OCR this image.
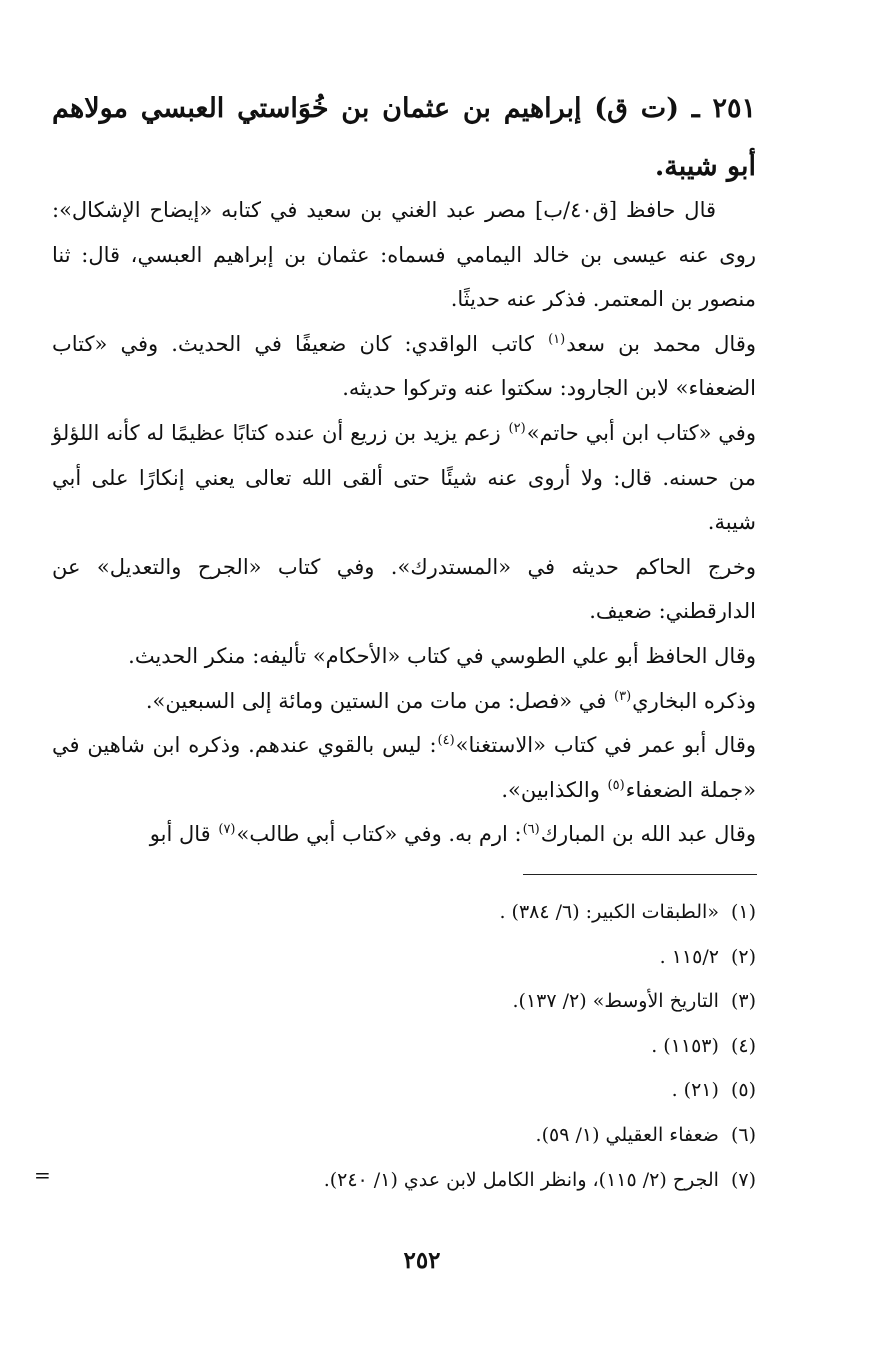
٢٥١ ـ (ت ق) إبراهيم بن عثمان بن خُوَاستي العبسي مولاهم أبو شيبة.

قال حافظ [ق٤٠/ب] مصر عبد الغني بن سعيد في كتابه «إيضاح الإشكال»: روى عنه عيسى بن خالد اليمامي فسماه: عثمان بن إبراهيم العبسي، قال: ثنا منصور بن المعتمر. فذكر عنه حديثًا.

وقال محمد بن سعد$^{(١)}$ كاتب الواقدي: كان ضعيفًا في الحديث. وفي «كتاب الضعفاء» لابن الجارود: سكتوا عنه وتركوا حديثه.

وفي «كتاب ابن أبي حاتم»$^{(٢)}$ زعم يزيد بن زريع أن عنده كتابًا عظيمًا له كأنه اللؤلؤ من حسنه. قال: ولا أروى عنه شيئًا حتى ألقى الله تعالى يعني إنكارًا على أبي شيبة.

وخرج الحاكم حديثه في «المستدرك». وفي كتاب «الجرح والتعديل» عن الدارقطني: ضعيف.

وقال الحافظ أبو علي الطوسي في كتاب «الأحكام» تأليفه: منكر الحديث.

وذكره البخاري$^{(٣)}$ في «فصل: من مات من الستين ومائة إلى السبعين».

وقال أبو عمر في كتاب «الاستغنا»$^{(٤)}$: ليس بالقوي عندهم. وذكره ابن شاهين في «جملة الضعفاء$^{(٥)}$ والكذابين».

وقال عبد الله بن المبارك$^{(٦)}$: ارم به. وفي «كتاب أبي طالب»$^{(٧)}$ قال أبو

(١)«الطبقات الكبير: (٦/ ٣٨٤) .
(٢)١١٥/٢ .
(٣)التاريخ الأوسط» (٢/ ١٣٧).
(٤)(١١٥٣) .
(٥)(٢١) .
(٦)ضعفاء العقيلي (١/ ٥٩).
(٧)الجرح (٢/ ١١٥)، وانظر الكامل لابن عدي (١/ ٢٤٠).
=
٢٥٢
